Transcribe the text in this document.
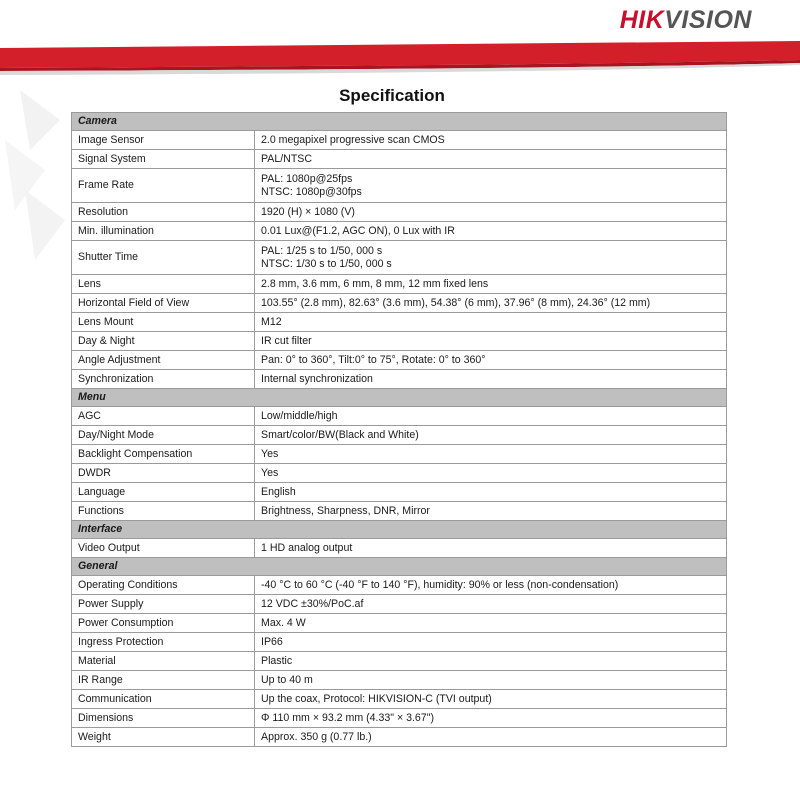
HIKVISION
Specification
Camera	
Image Sensor	2.0 megapixel progressive scan CMOS
Signal System	PAL/NTSC
Frame Rate	PAL: 1080p@25fps
NTSC: 1080p@30fps

Resolution	1920 (H) × 1080 (V)
Min. illumination	0.01 Lux@(F1.2, AGC ON), 0 Lux with IR
Shutter Time	PAL: 1/25 s to 1/50, 000 s
NTSC: 1/30 s to 1/50, 000 s

Lens	2.8 mm, 3.6 mm, 6 mm, 8 mm, 12 mm fixed lens
Horizontal Field of View	103.55° (2.8 mm), 82.63° (3.6 mm), 54.38° (6 mm), 37.96° (8 mm), 24.36° (12 mm)
Lens Mount	M12
Day & Night	IR cut filter
Angle Adjustment	Pan: 0° to 360°, Tilt:0° to 75°, Rotate: 0° to 360°
Synchronization	Internal synchronization
Menu	
AGC	Low/middle/high
Day/Night Mode	Smart/color/BW(Black and White)
Backlight Compensation	Yes
DWDR	Yes
Language	English
Functions	Brightness, Sharpness, DNR, Mirror
Interface	
Video Output	1 HD analog output
General	
Operating Conditions	-40 °C to 60 °C (-40 °F to 140 °F), humidity: 90% or less (non-condensation)
Power Supply	12 VDC ±30%/PoC.af
Power Consumption	Max. 4 W
Ingress Protection	IP66
Material	Plastic
IR Range	Up to 40 m
Communication	Up the coax, Protocol: HIKVISION-C (TVI output)
Dimensions	Φ 110 mm × 93.2 mm (4.33" × 3.67")
Weight	Approx. 350 g (0.77 lb.)
